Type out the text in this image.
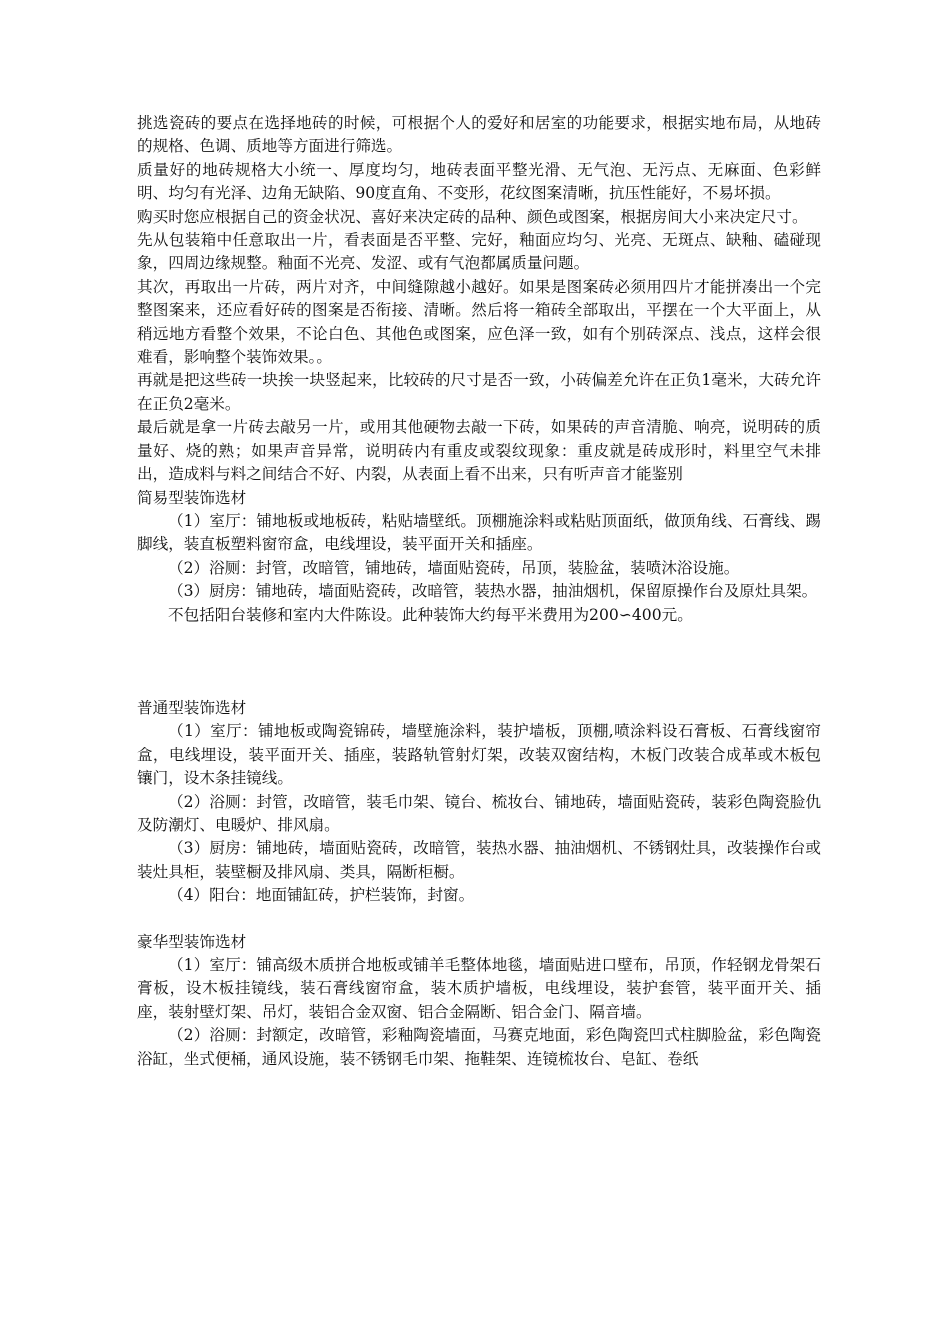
挑选瓷砖的要点在选择地砖的时候，可根据个人的爱好和居室的功能要求，根据实地布局，从地砖的规格、色调、质地等方面进行筛选。

质量好的地砖规格大小统一、厚度均匀，地砖表面平整光滑、无气泡、无污点、无麻面、色彩鲜明、均匀有光泽、边角无缺陷、90度直角、不变形，花纹图案清晰，抗压性能好，不易坏损。

购买时您应根据自己的资金状况、喜好来决定砖的品种、颜色或图案，根据房间大小来决定尺寸。

先从包装箱中任意取出一片，看表面是否平整、完好，釉面应均匀、光亮、无斑点、缺釉、磕碰现象，四周边缘规整。釉面不光亮、发涩、或有气泡都属质量问题。

其次，再取出一片砖，两片对齐，中间缝隙越小越好。如果是图案砖必须用四片才能拼凑出一个完整图案来，还应看好砖的图案是否衔接、清晰。然后将一箱砖全部取出，平摆在一个大平面上，从稍远地方看整个效果，不论白色、其他色或图案，应色泽一致，如有个别砖深点、浅点，这样会很难看，影响整个装饰效果。。

再就是把这些砖一块挨一块竖起来，比较砖的尺寸是否一致，小砖偏差允许在正负1毫米，大砖允许在正负2毫米。

最后就是拿一片砖去敲另一片，或用其他硬物去敲一下砖，如果砖的声音清脆、响亮，说明砖的质量好、烧的熟；如果声音异常，说明砖内有重皮或裂纹现象：重皮就是砖成形时，料里空气未排出，造成料与料之间结合不好、内裂，从表面上看不出来，只有听声音才能鉴别

简易型装饰选材

（1）室厅：铺地板或地板砖，粘贴墙壁纸。顶棚施涂料或粘贴顶面纸，做顶角线、石膏线、踢脚线，装直板塑料窗帘盒，电线埋设，装平面开关和插座。

（2）浴厕：封管，改暗管，铺地砖，墙面贴瓷砖，吊顶，装脸盆，装喷沐浴设施。

（3）厨房：铺地砖，墙面贴瓷砖，改暗管，装热水器，抽油烟机，保留原操作台及原灶具架。

不包括阳台装修和室内大件陈设。此种装饰大约每平米费用为200∽400元。

普通型装饰选材

（1）室厅：铺地板或陶瓷锦砖，墙壁施涂料，装护墙板，顶棚,喷涂料设石膏板、石膏线窗帘盒，电线埋设，装平面开关、插座，装路轨管射灯架，改装双窗结构，木板门改装合成革或木板包镶门，设木条挂镜线。

（2）浴厕：封管，改暗管，装毛巾架、镜台、梳妆台、铺地砖，墙面贴瓷砖，装彩色陶瓷脸仇及防潮灯、电暖炉、排风扇。

（3）厨房：铺地砖，墙面贴瓷砖，改暗管，装热水器、抽油烟机、不锈钢灶具，改装操作台或装灶具柜，装壁橱及排风扇、类具，隔断柜橱。

（4）阳台：地面铺缸砖，护栏装饰，封窗。

豪华型装饰选材

（1）室厅：铺高级木质拼合地板或铺羊毛整体地毯，墙面贴进口壁布，吊顶，作轻钢龙骨架石膏板，设木板挂镜线，装石膏线窗帘盒，装木质护墙板，电线埋设，装护套管，装平面开关、插座，装射壁灯架、吊灯，装铝合金双窗、铝合金隔断、铝合金门、隔音墙。

（2）浴厕：封额定，改暗管，彩釉陶瓷墙面，马赛克地面，彩色陶瓷凹式柱脚脸盆，彩色陶瓷浴缸，坐式便桶，通风设施，装不锈钢毛巾架、拖鞋架、连镜梳妆台、皂缸、卷纸
